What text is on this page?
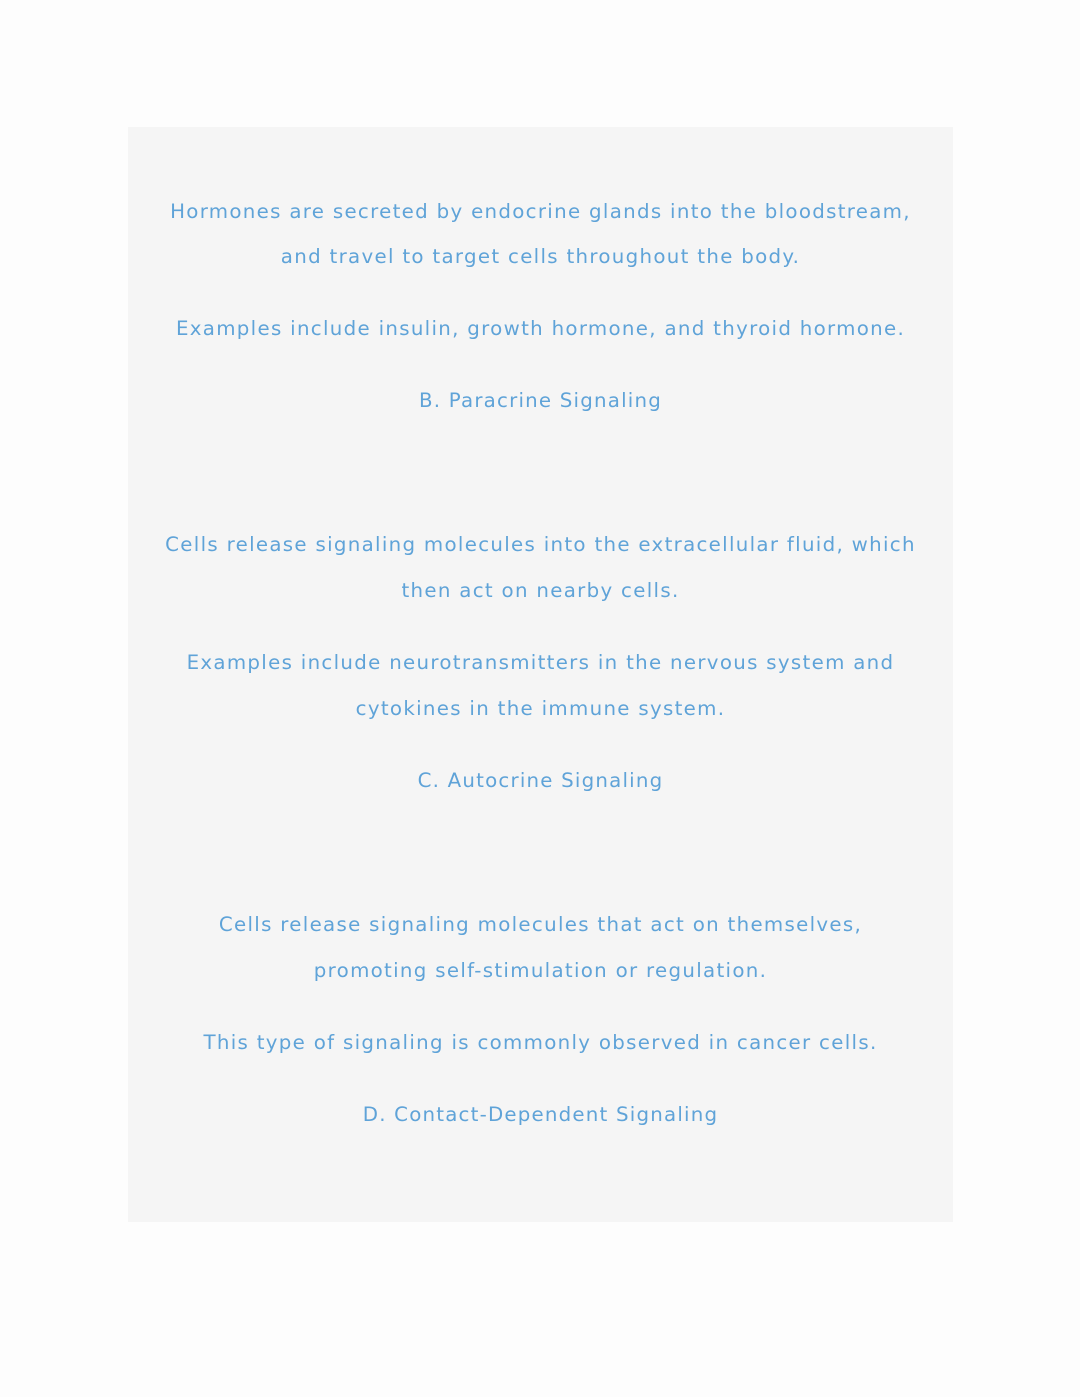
Hormones are secreted by endocrine glands into the bloodstream,
and travel to target cells throughout the body.
Examples include insulin, growth hormone, and thyroid hormone.
B. Paracrine Signaling
Cells release signaling molecules into the extracellular fluid, which
then act on nearby cells.
Examples include neurotransmitters in the nervous system and
cytokines in the immune system.
C. Autocrine Signaling
Cells release signaling molecules that act on themselves,
promoting self-stimulation or regulation.
This type of signaling is commonly observed in cancer cells.
D. Contact-Dependent Signaling
